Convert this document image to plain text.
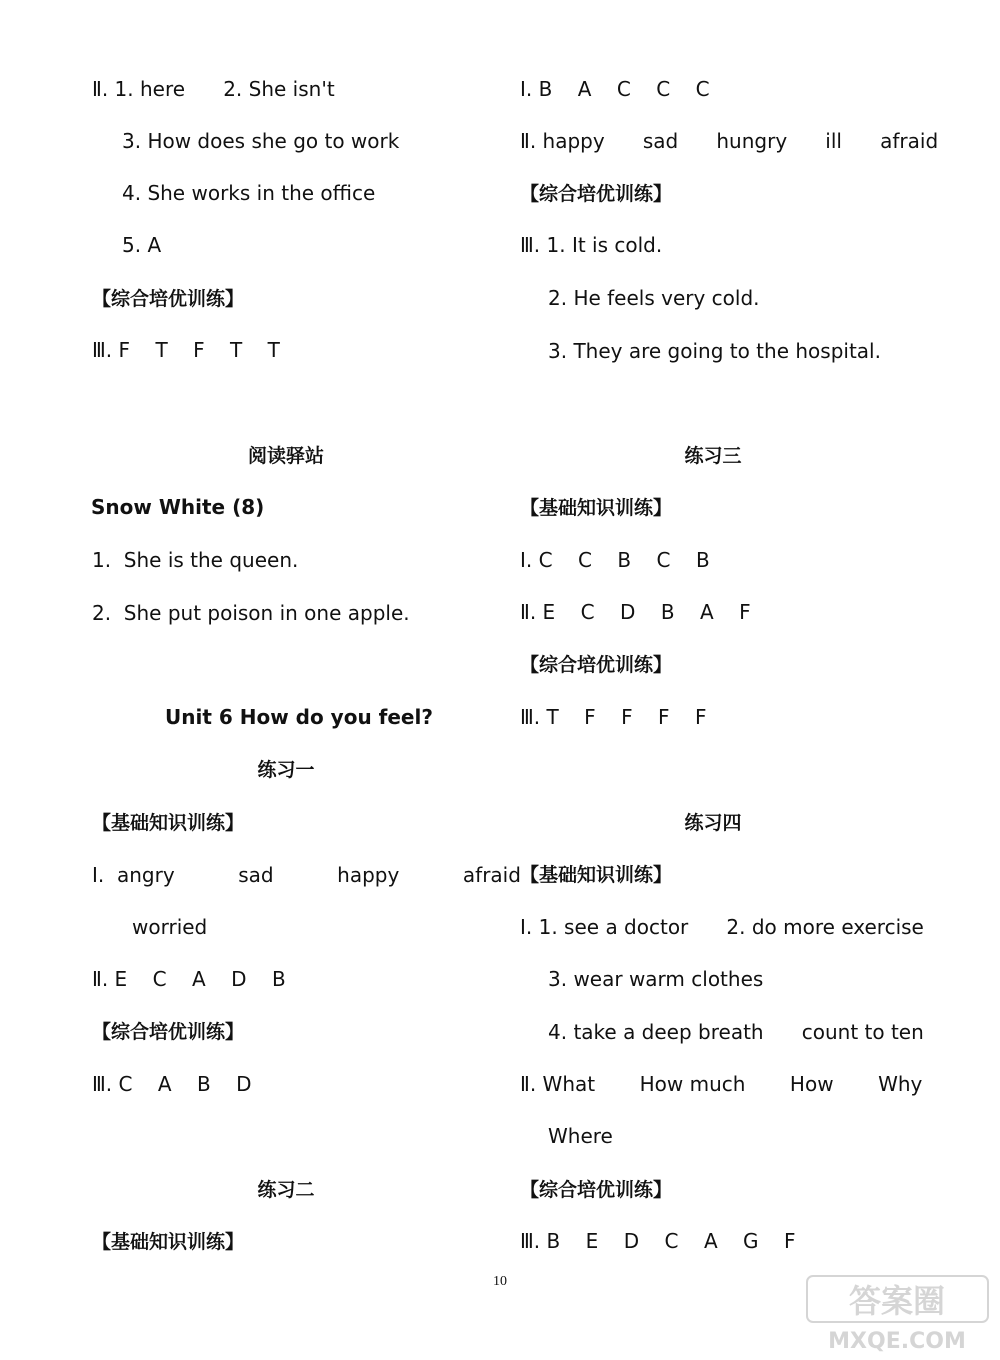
Ⅱ. 1. here      2. She isn't
3. How does she go to work
4. She works in the office
5. A
【综合培优训练】
Ⅲ. F    T    F    T    T
阅读驿站
Snow White (8)
1.  She is the queen.
2.  She put poison in one apple.
Unit 6 How do you feel?
练习一
【基础知识训练】
Ⅰ.  angry          sad          happy          afraid
worried
Ⅱ. E    C    A    D    B
【综合培优训练】
Ⅲ. C    A    B    D
练习二
【基础知识训练】
Ⅰ. B    A    C    C    C
Ⅱ. happy      sad      hungry      ill      afraid
【综合培优训练】
Ⅲ. 1. It is cold.
2. He feels very cold.
3. They are going to the hospital.
练习三
【基础知识训练】
Ⅰ. C    C    B    C    B
Ⅱ. E    C    D    B    A    F
【综合培优训练】
Ⅲ. T    F    F    F    F
练习四
【基础知识训练】
Ⅰ. 1. see a doctor      2. do more exercise
3. wear warm clothes
4. take a deep breath      count to ten
Ⅱ. What       How much       How       Why
Where
【综合培优训练】
Ⅲ. B    E    D    C    A    G    F
10
答案圈
MXQE.COM
